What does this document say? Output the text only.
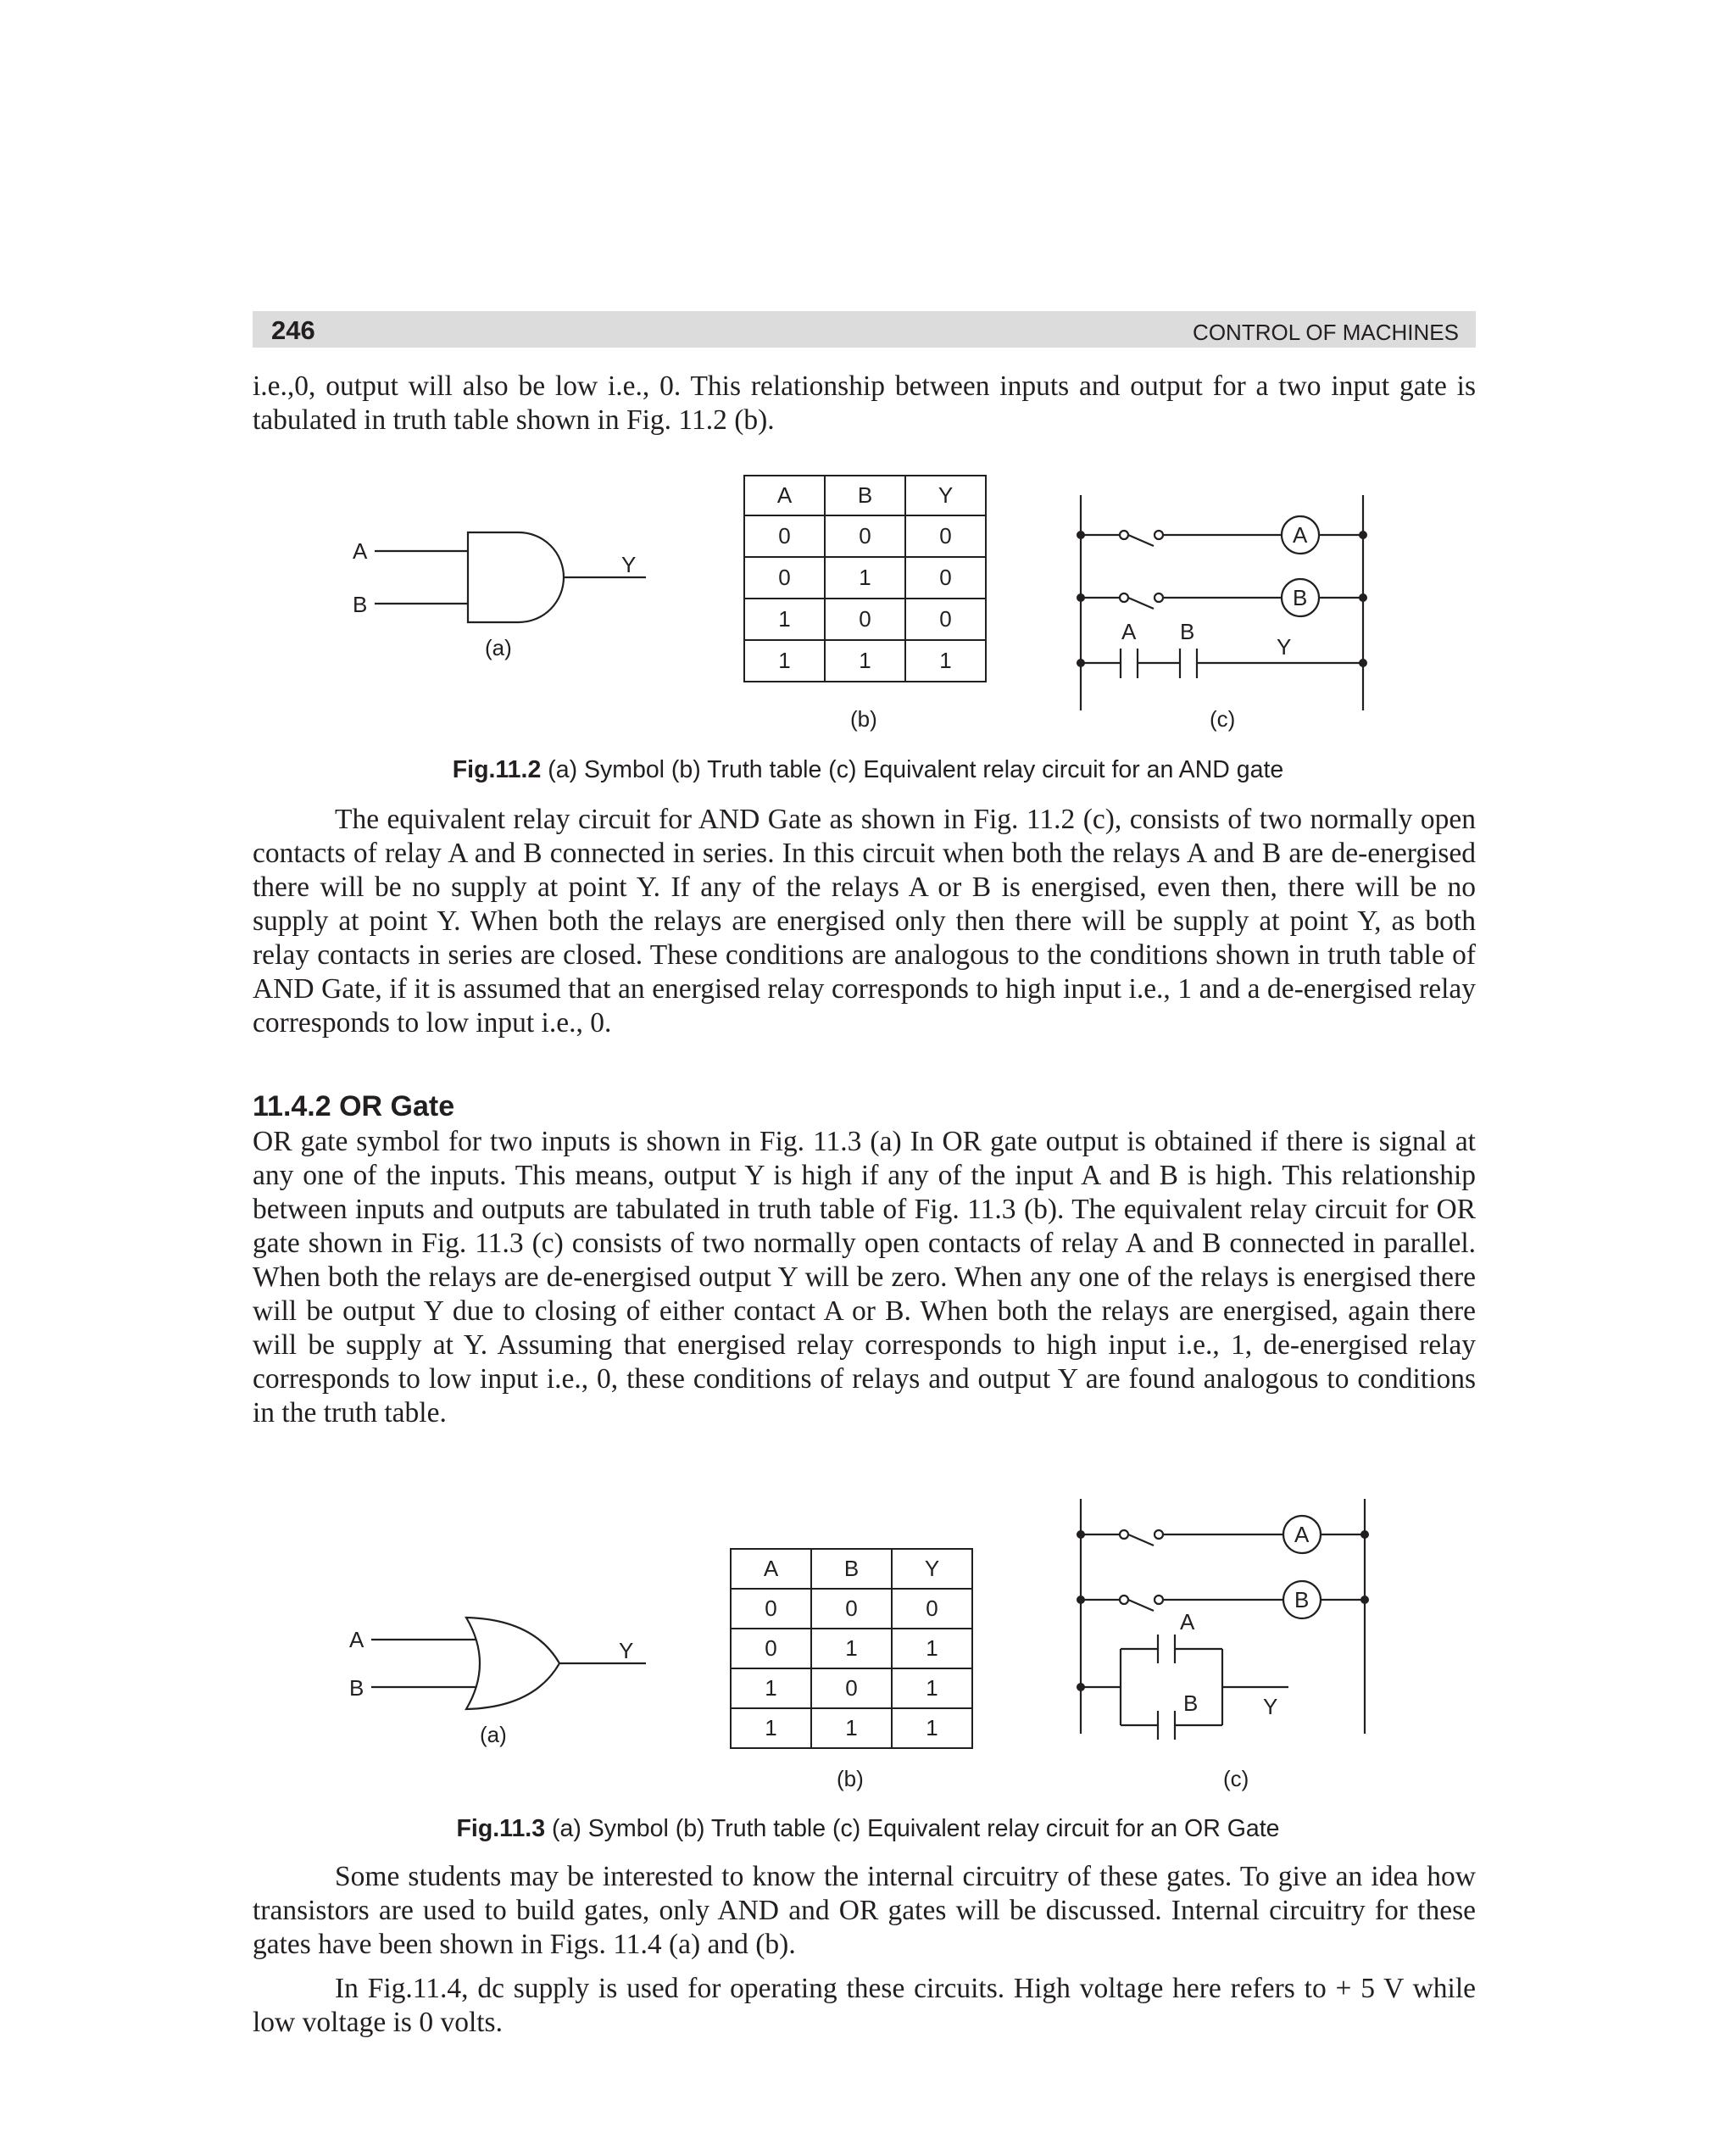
246	CONTROL OF MACHINES

i.e.,0, output will also be low i.e., 0. This relationship between inputs and output for a two input gate is tabulated in truth table shown in Fig. 11.2 (b).

A
B
Y
(a)
A	B	Y
0	0	0
0	1	0
1	0	0
1	1	1
A
B
A B
Y
(b)	(c)
Fig.11.2 (a) Symbol (b) Truth table (c) Equivalent relay circuit for an AND gate

The equivalent relay circuit for AND Gate as shown in Fig. 11.2 (c), consists of two normally open contacts of relay A and B connected in series. In this circuit when both the relays A and B are de-energised there will be no supply at point Y. If any of the relays A or B is energised, even then, there will be no supply at point Y. When both the relays are energised only then there will be supply at point Y, as both relay contacts in series are closed. These conditions are analogous to the conditions shown in truth table of AND Gate, if it is assumed that an energised relay corresponds to high input i.e., 1 and a de-energised relay corresponds to low input i.e., 0.

11.4.2 OR Gate

OR gate symbol for two inputs is shown in Fig. 11.3 (a) In OR gate output is obtained if there is signal at any one of the inputs. This means, output Y is high if any of the input A and B is high. This relationship between inputs and outputs are tabulated in truth table of Fig. 11.3 (b). The equivalent relay circuit for OR gate shown in Fig. 11.3 (c) consists of two normally open contacts of relay A and B connected in parallel. When both the relays are de-energised output Y will be zero. When any one of the relays is energised there will be output Y due to closing of either contact A or B. When both the relays are energised, again there will be supply at Y. Assuming that energised relay corresponds to high input i.e., 1, de-energised relay corresponds to low input i.e., 0, these conditions of relays and output Y are found analogous to conditions in the truth table.

A
B
Y
(a)
A	B	Y
0	0	0
0	1	1
1	0	1
1	1	1
A
B
A
B	Y
(b)	(c)
Fig.11.3 (a) Symbol (b) Truth table (c) Equivalent relay circuit for an OR Gate

Some students may be interested to know the internal circuitry of these gates. To give an idea how transistors are used to build gates, only AND and OR gates will be discussed. Internal circuitry for these gates have been shown in Figs. 11.4 (a) and (b).

In Fig.11.4, dc supply is used for operating these circuits. High voltage here refers to + 5 V while low voltage is 0 volts.
